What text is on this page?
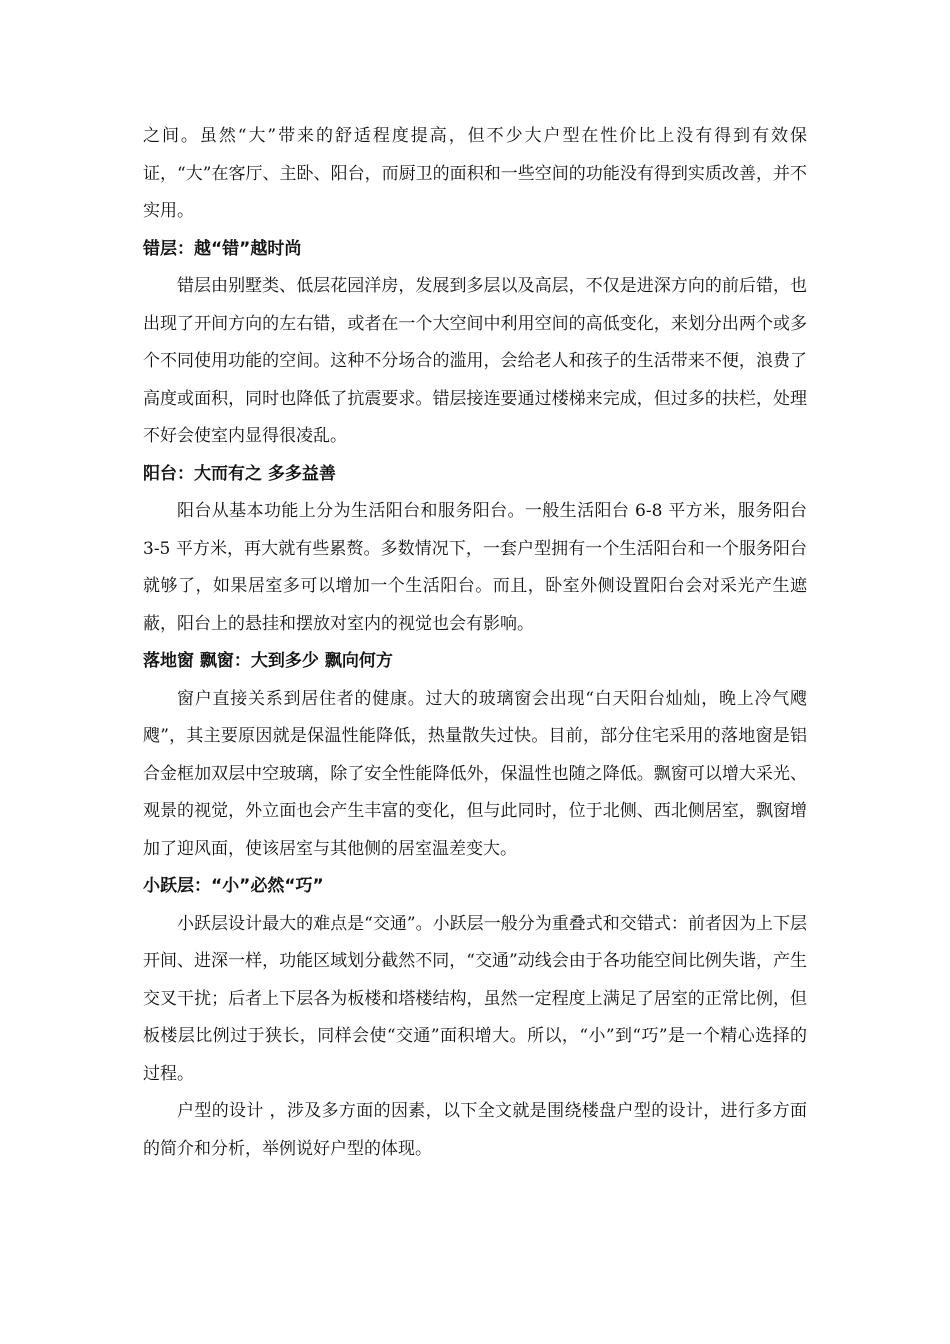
之间。虽然“大”带来的舒适程度提高，但不少大户型在性价比上没有得到有效保证，“大”在客厅、主卧、阳台，而厨卫的面积和一些空间的功能没有得到实质改善，并不实用。

错层：越“错”越时尚

错层由别墅类、低层花园洋房，发展到多层以及高层，不仅是进深方向的前后错，也出现了开间方向的左右错，或者在一个大空间中利用空间的高低变化，来划分出两个或多个不同使用功能的空间。这种不分场合的滥用，会给老人和孩子的生活带来不便，浪费了高度或面积，同时也降低了抗震要求。错层接连要通过楼梯来完成，但过多的扶栏，处理不好会使室内显得很凌乱。

阳台：大而有之 多多益善

阳台从基本功能上分为生活阳台和服务阳台。一般生活阳台 6-8 平方米，服务阳台 3-5 平方米，再大就有些累赘。多数情况下，一套户型拥有一个生活阳台和一个服务阳台就够了，如果居室多可以增加一个生活阳台。而且，卧室外侧设置阳台会对采光产生遮蔽，阳台上的悬挂和摆放对室内的视觉也会有影响。

落地窗 飘窗：大到多少 飘向何方

窗户直接关系到居住者的健康。过大的玻璃窗会出现“白天阳台灿灿，晚上冷气飕飕”，其主要原因就是保温性能降低，热量散失过快。目前，部分住宅采用的落地窗是铝合金框加双层中空玻璃，除了安全性能降低外，保温性也随之降低。飘窗可以增大采光、观景的视觉，外立面也会产生丰富的变化，但与此同时，位于北侧、西北侧居室，飘窗增加了迎风面，使该居室与其他侧的居室温差变大。

小跃层：“小”必然“巧”

小跃层设计最大的难点是“交通”。小跃层一般分为重叠式和交错式：前者因为上下层开间、进深一样，功能区域划分截然不同，“交通”动线会由于各功能空间比例失谐，产生交叉干扰；后者上下层各为板楼和塔楼结构，虽然一定程度上满足了居室的正常比例，但板楼层比例过于狭长，同样会使“交通”面积增大。所以，“小”到“巧”是一个精心选择的过程。

户型的设计 ，涉及多方面的因素，以下全文就是围绕楼盘户型的设计，进行多方面的简介和分析，举例说好户型的体现。
